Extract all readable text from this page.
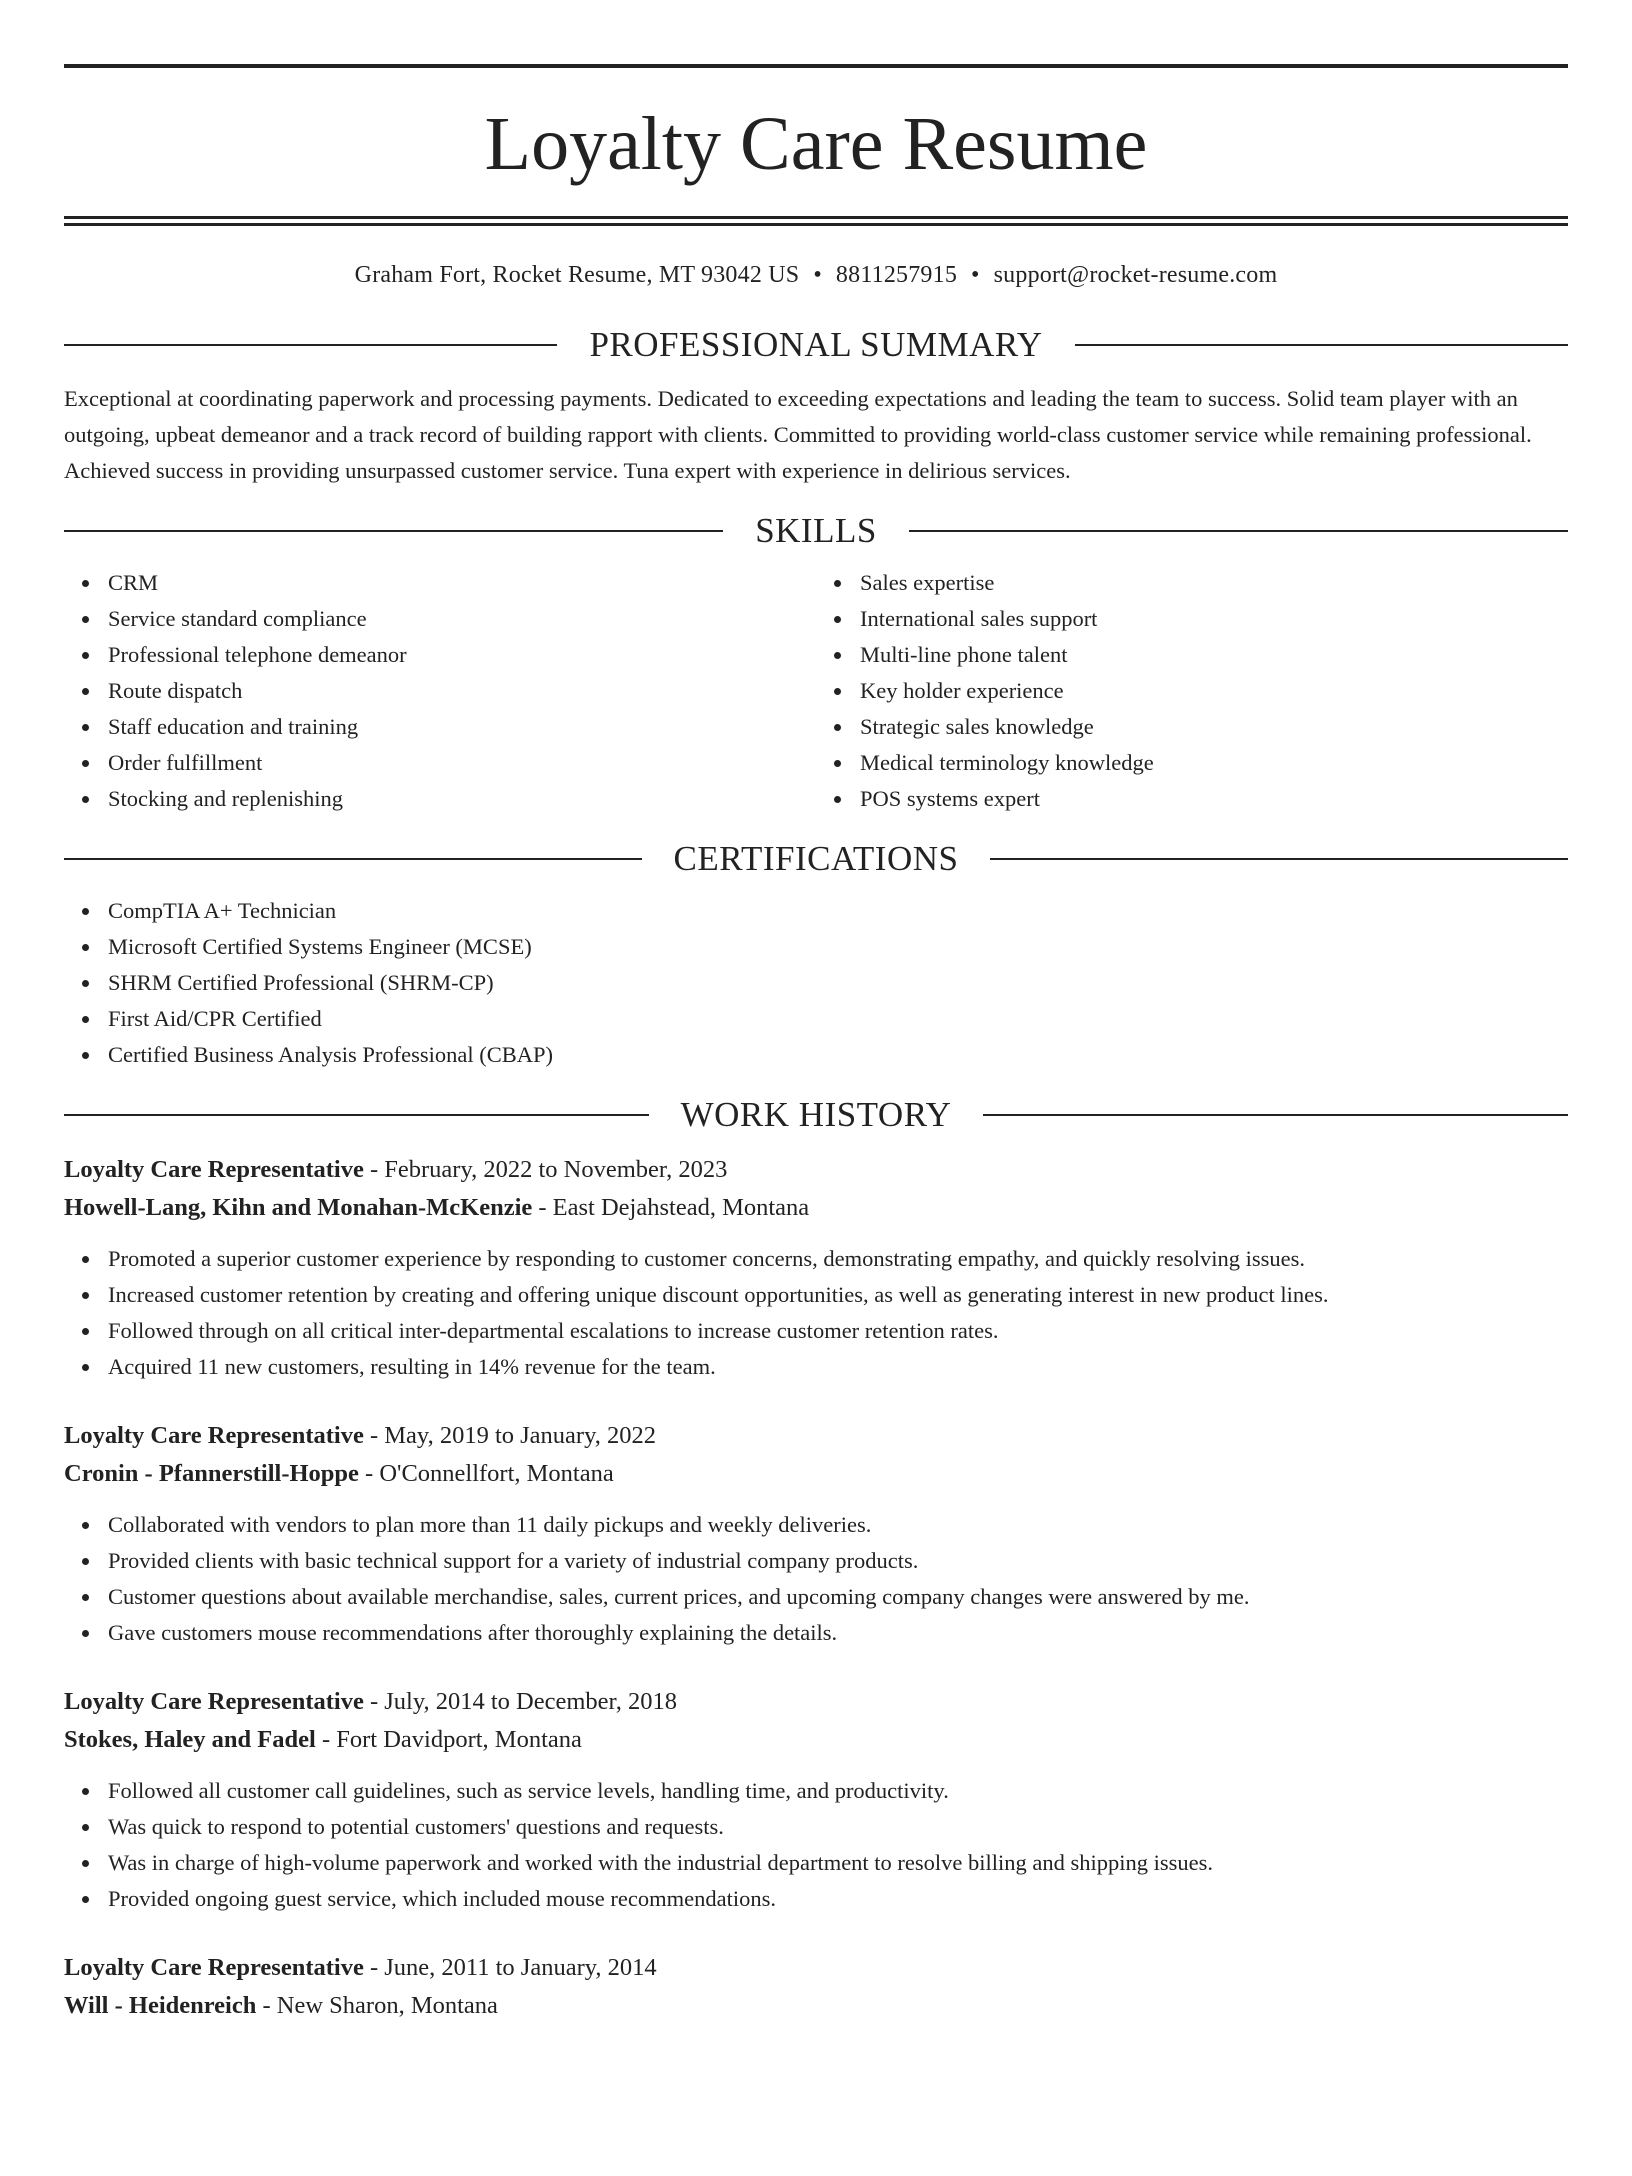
Loyalty Care Resume
Graham Fort, Rocket Resume, MT 93042 US • 8811257915 • support@rocket-resume.com
PROFESSIONAL SUMMARY

Exceptional at coordinating paperwork and processing payments. Dedicated to exceeding expectations and leading the team to success. Solid team player with an outgoing, upbeat demeanor and a track record of building rapport with clients. Committed to providing world-class customer service while remaining professional. Achieved success in providing unsurpassed customer service. Tuna expert with experience in delirious services.

SKILLS
CRM
Service standard compliance
Professional telephone demeanor
Route dispatch
Staff education and training
Order fulfillment
Stocking and replenishing
Sales expertise
International sales support
Multi-line phone talent
Key holder experience
Strategic sales knowledge
Medical terminology knowledge
POS systems expert
CERTIFICATIONS
CompTIA A+ Technician
Microsoft Certified Systems Engineer (MCSE)
SHRM Certified Professional (SHRM-CP)
First Aid/CPR Certified
Certified Business Analysis Professional (CBAP)
WORK HISTORY
Loyalty Care Representative - February, 2022 to November, 2023
Howell-Lang, Kihn and Monahan-McKenzie - East Dejahstead, Montana
Promoted a superior customer experience by responding to customer concerns, demonstrating empathy, and quickly resolving issues.
Increased customer retention by creating and offering unique discount opportunities, as well as generating interest in new product lines.
Followed through on all critical inter-departmental escalations to increase customer retention rates.
Acquired 11 new customers, resulting in 14% revenue for the team.
Loyalty Care Representative - May, 2019 to January, 2022
Cronin - Pfannerstill-Hoppe - O'Connellfort, Montana
Collaborated with vendors to plan more than 11 daily pickups and weekly deliveries.
Provided clients with basic technical support for a variety of industrial company products.
Customer questions about available merchandise, sales, current prices, and upcoming company changes were answered by me.
Gave customers mouse recommendations after thoroughly explaining the details.
Loyalty Care Representative - July, 2014 to December, 2018
Stokes, Haley and Fadel - Fort Davidport, Montana
Followed all customer call guidelines, such as service levels, handling time, and productivity.
Was quick to respond to potential customers' questions and requests.
Was in charge of high-volume paperwork and worked with the industrial department to resolve billing and shipping issues.
Provided ongoing guest service, which included mouse recommendations.
Loyalty Care Representative - June, 2011 to January, 2014
Will - Heidenreich - New Sharon, Montana
